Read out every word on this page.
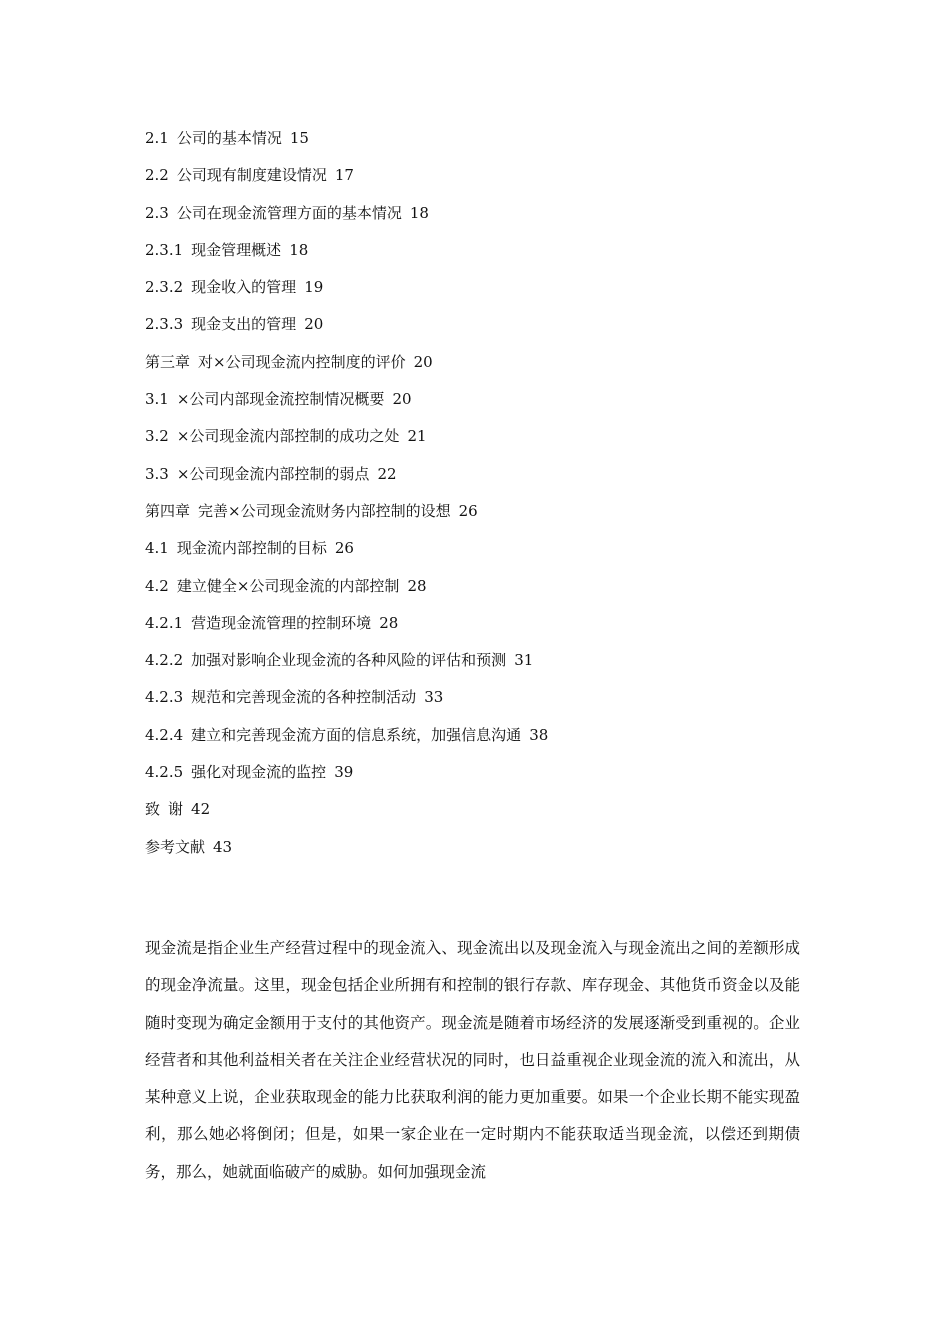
2.1 公司的基本情况 15
2.2 公司现有制度建设情况 17
2.3 公司在现金流管理方面的基本情况 18
2.3.1 现金管理概述 18
2.3.2 现金收入的管理 19
2.3.3 现金支出的管理 20
第三章 对×公司现金流内控制度的评价 20
3.1 ×公司内部现金流控制情况概要 20
3.2 ×公司现金流内部控制的成功之处 21
3.3 ×公司现金流内部控制的弱点 22
第四章 完善×公司现金流财务内部控制的设想 26
4.1 现金流内部控制的目标 26
4.2 建立健全×公司现金流的内部控制 28
4.2.1 营造现金流管理的控制环境 28
4.2.2 加强对影响企业现金流的各种风险的评估和预测 31
4.2.3 规范和完善现金流的各种控制活动 33
4.2.4 建立和完善现金流方面的信息系统，加强信息沟通 38
4.2.5 强化对现金流的监控 39
致 谢 42
参考文献 43

现金流是指企业生产经营过程中的现金流入、现金流出以及现金流入与现金流出之间的差额形成的现金净流量。这里，现金包括企业所拥有和控制的银行存款、库存现金、其他货币资金以及能随时变现为确定金额用于支付的其他资产。现金流是随着市场经济的发展逐渐受到重视的。企业经营者和其他利益相关者在关注企业经营状况的同时，也日益重视企业现金流的流入和流出，从某种意义上说，企业获取现金的能力比获取利润的能力更加重要。如果一个企业长期不能实现盈利，那么她必将倒闭；但是，如果一家企业在一定时期内不能获取适当现金流，以偿还到期债务，那么，她就面临破产的威胁。如何加强现金流
